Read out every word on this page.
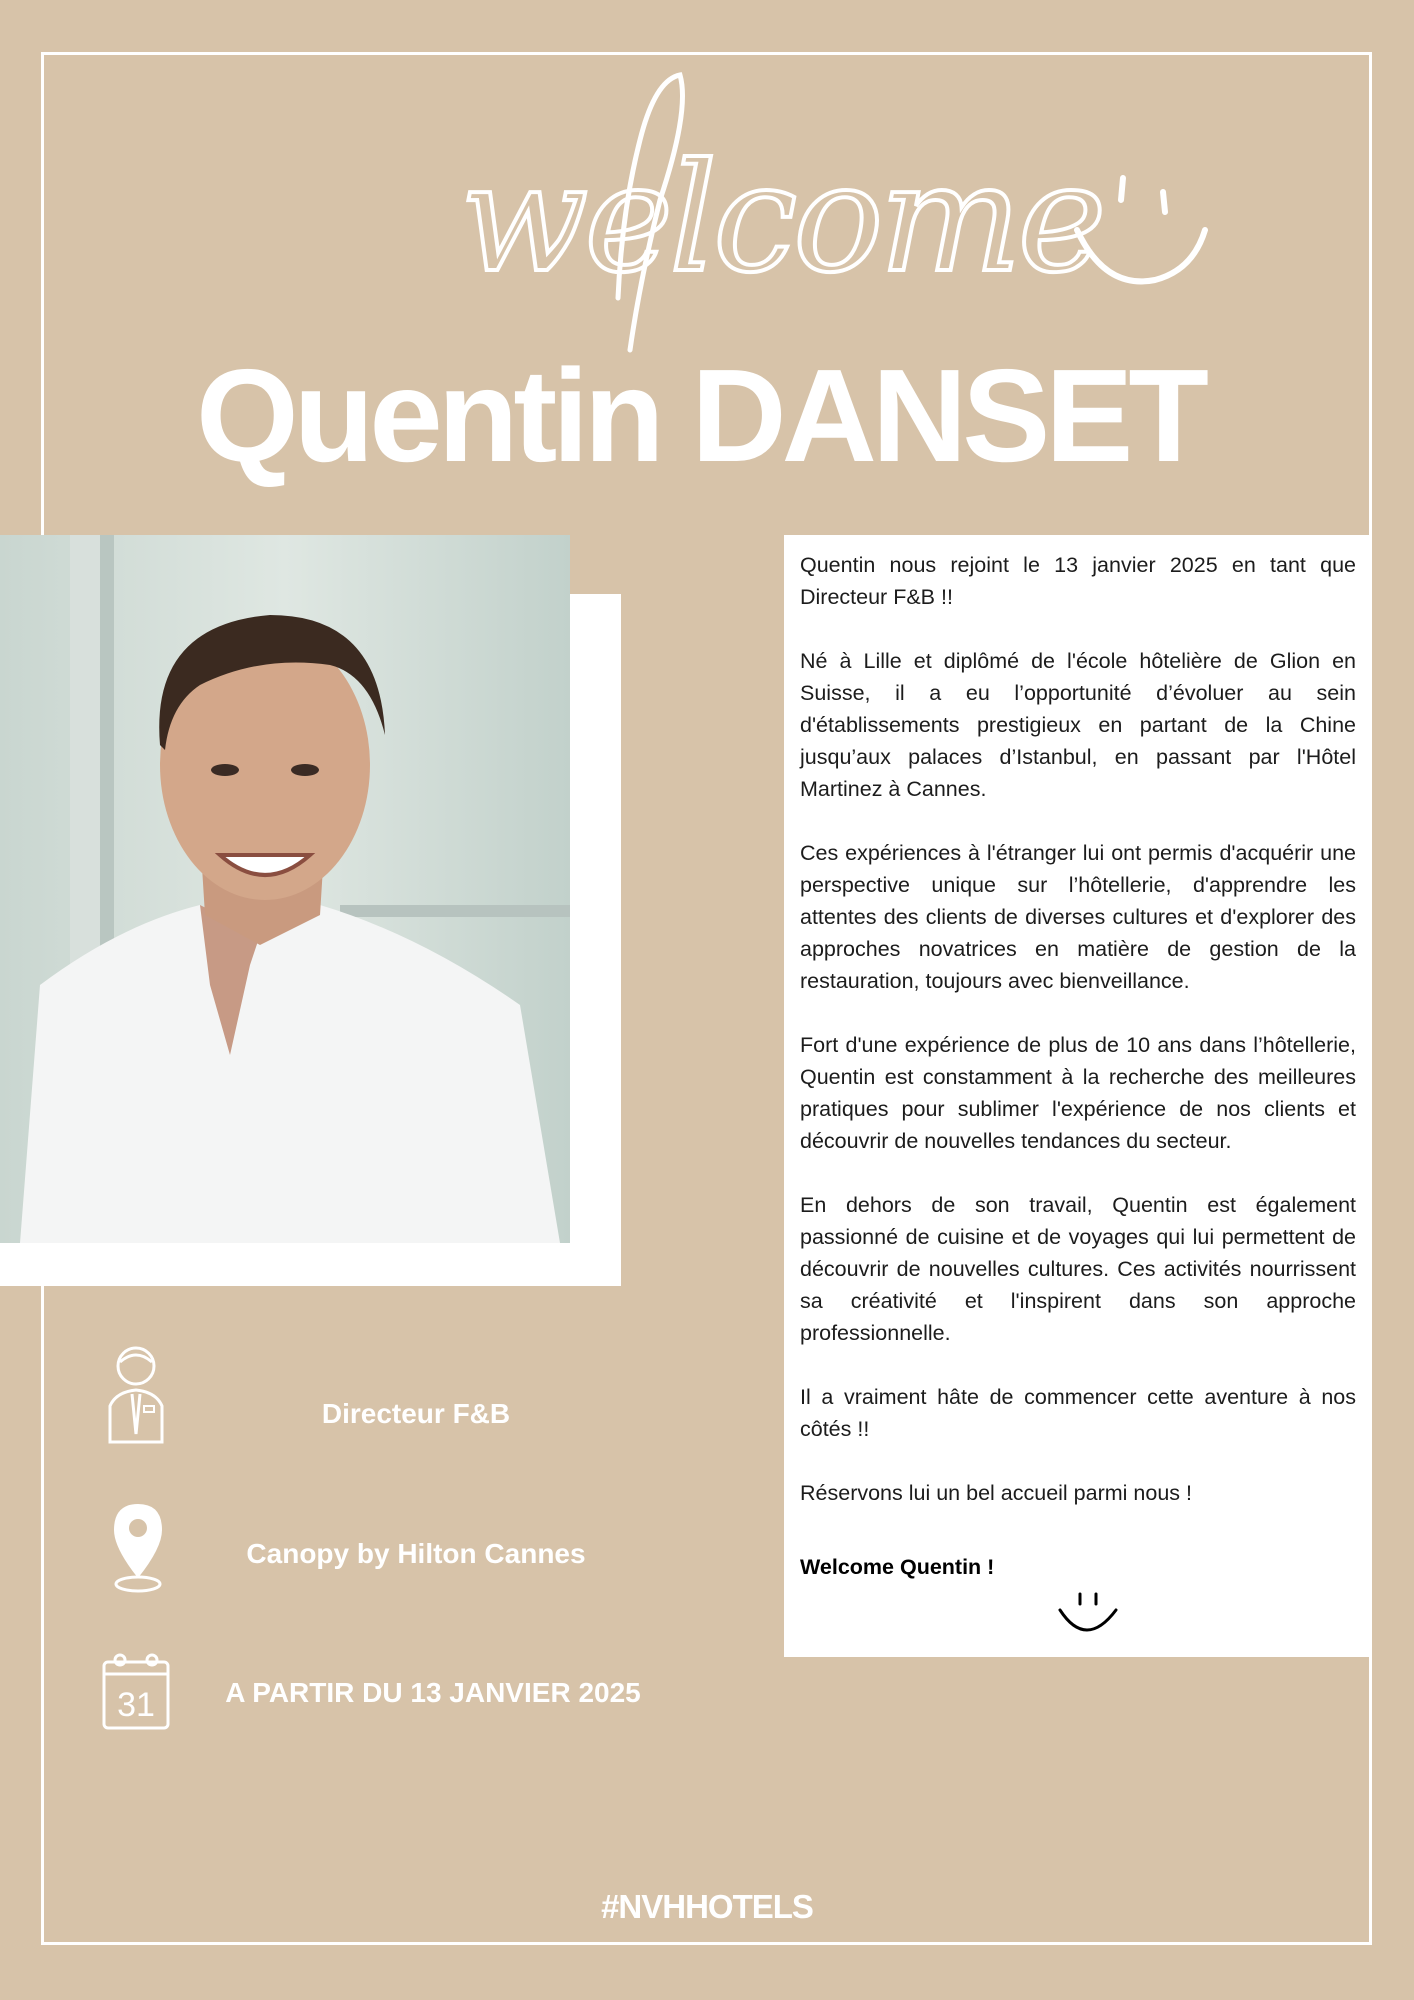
welcome
Quentin DANSET
Directeur F&B
Canopy by Hilton Cannes
31	A PARTIR DU 13 JANVIER 2025

Quentin nous rejoint le 13 janvier 2025 en tant que Directeur F&B !!

Né à Lille et diplômé de l'école hôtelière de Glion en Suisse, il a eu l’opportunité d’évoluer au sein d'établissements prestigieux en partant de la Chine jusqu’aux palaces d’Istanbul, en passant par l'Hôtel Martinez à Cannes.

Ces expériences à l'étranger lui ont permis d'acquérir une perspective unique sur l’hôtellerie, d'apprendre les attentes des clients de diverses cultures et d'explorer des approches novatrices en matière de gestion de la restauration, toujours avec bienveillance.

Fort d'une expérience de plus de 10 ans dans l’hôtellerie, Quentin est constamment à la recherche des meilleures pratiques pour sublimer l'expérience de nos clients et découvrir de nouvelles tendances du secteur.

En dehors de son travail, Quentin est également passionné de cuisine et de voyages qui lui permettent de découvrir de nouvelles cultures. Ces activités nourrissent sa créativité et l'inspirent dans son approche professionnelle.

Il a vraiment hâte de commencer cette aventure à nos côtés !!

Réservons lui un bel accueil parmi nous !

Welcome Quentin !
#NVHHOTELS
